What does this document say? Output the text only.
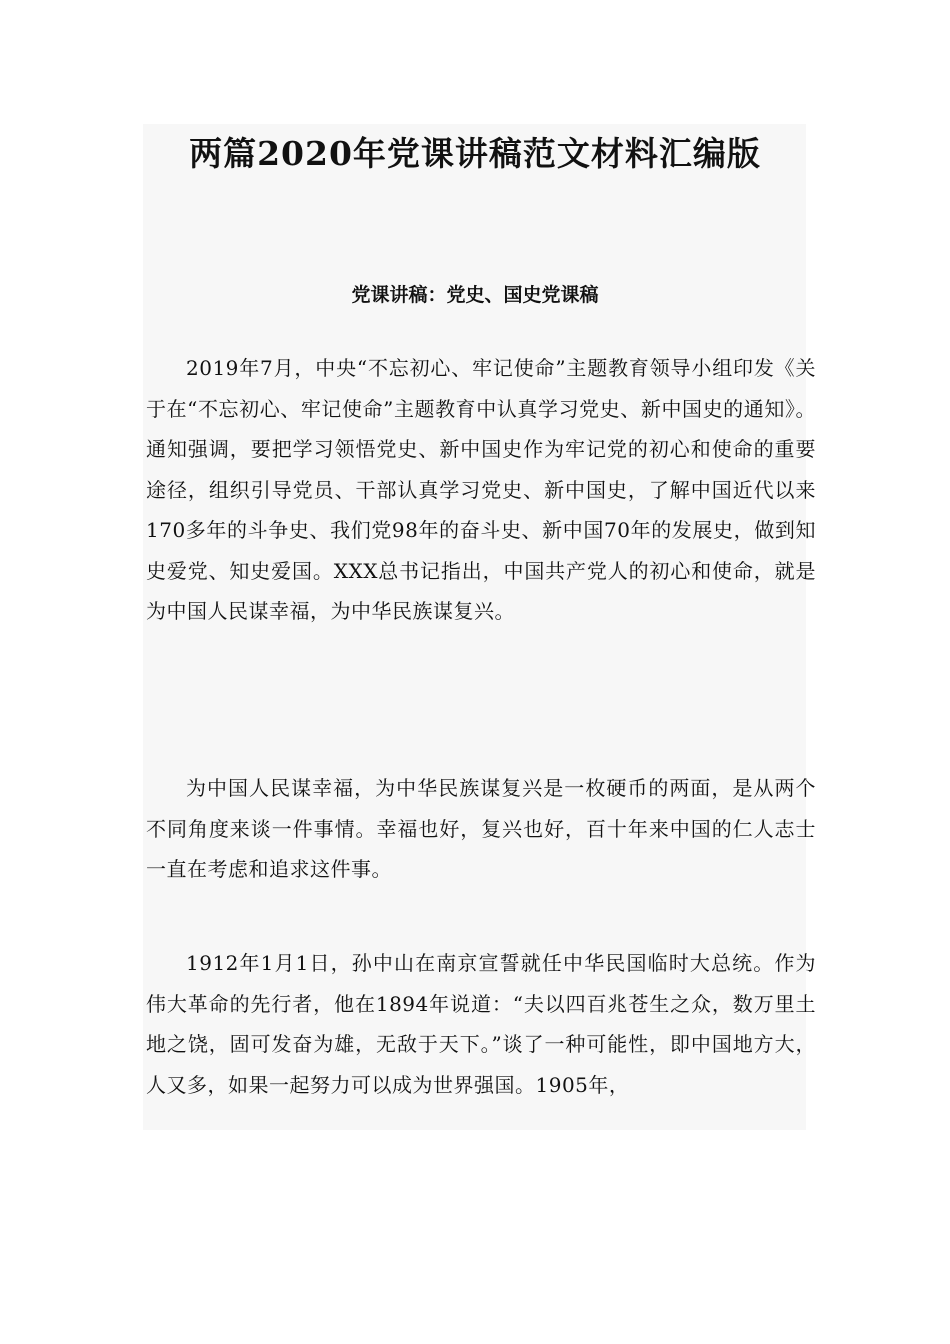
两篇2020年党课讲稿范文材料汇编版
党课讲稿：党史、国史党课稿

2019年7月，中央“不忘初心、牢记使命”主题教育领导小组印发《关于在“不忘初心、牢记使命”主题教育中认真学习党史、新中国史的通知》。通知强调，要把学习领悟党史、新中国史作为牢记党的初心和使命的重要途径，组织引导党员、干部认真学习党史、新中国史，了解中国近代以来170多年的斗争史、我们党98年的奋斗史、新中国70年的发展史，做到知史爱党、知史爱国。XXX总书记指出，中国共产党人的初心和使命，就是为中国人民谋幸福，为中华民族谋复兴。

为中国人民谋幸福，为中华民族谋复兴是一枚硬币的两面，是从两个不同角度来谈一件事情。幸福也好，复兴也好，百十年来中国的仁人志士一直在考虑和追求这件事。

1912年1月1日，孙中山在南京宣誓就任中华民国临时大总统。作为伟大革命的先行者，他在1894年说道：“夫以四百兆苍生之众，数万里土地之饶，固可发奋为雄，无敌于天下。”谈了一种可能性，即中国地方大，人又多，如果一起努力可以成为世界强国。1905年，
